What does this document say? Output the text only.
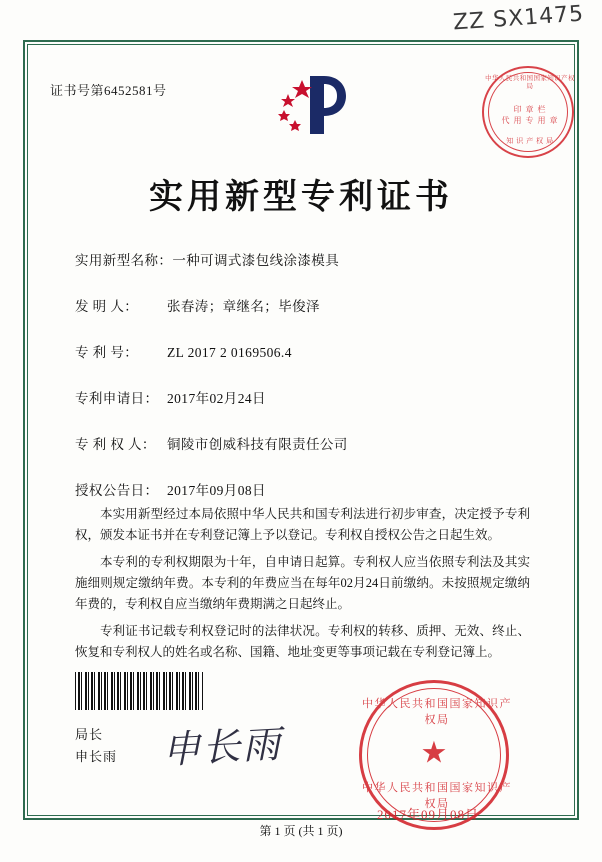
ZZ SX1475
证书号第6452581号
中华人民共和国国家知识产权局
印 章 栏
代 用 专 用 章
知 识 产 权 局
实用新型专利证书
实用新型名称：一种可调式漆包线涂漆模具
发 明 人： 张春涛；章继名；毕俊泽
专 利 号： ZL 2017 2 0169506.4
专利申请日： 2017年02月24日
专 利 权 人： 铜陵市创威科技有限责任公司
授权公告日： 2017年09月08日
本实用新型经过本局依照中华人民共和国专利法进行初步审查，决定授予专利权，颁发本证书并在专利登记簿上予以登记。专利权自授权公告之日起生效。
本专利的专利权期限为十年，自申请日起算。专利权人应当依照专利法及其实施细则规定缴纳年费。本专利的年费应当在每年02月24日前缴纳。未按照规定缴纳年费的，专利权自应当缴纳年费期满之日起终止。
专利证书记载专利权登记时的法律状况。专利权的转移、质押、无效、终止、恢复和专利权人的姓名或名称、国籍、地址变更等事项记载在专利登记簿上。
局长
申长雨 申长雨
中华人民共和国国家知识产权局
★
中华人民共和国国家知识产权局
2017年09月08日
第 1 页 (共 1 页)
